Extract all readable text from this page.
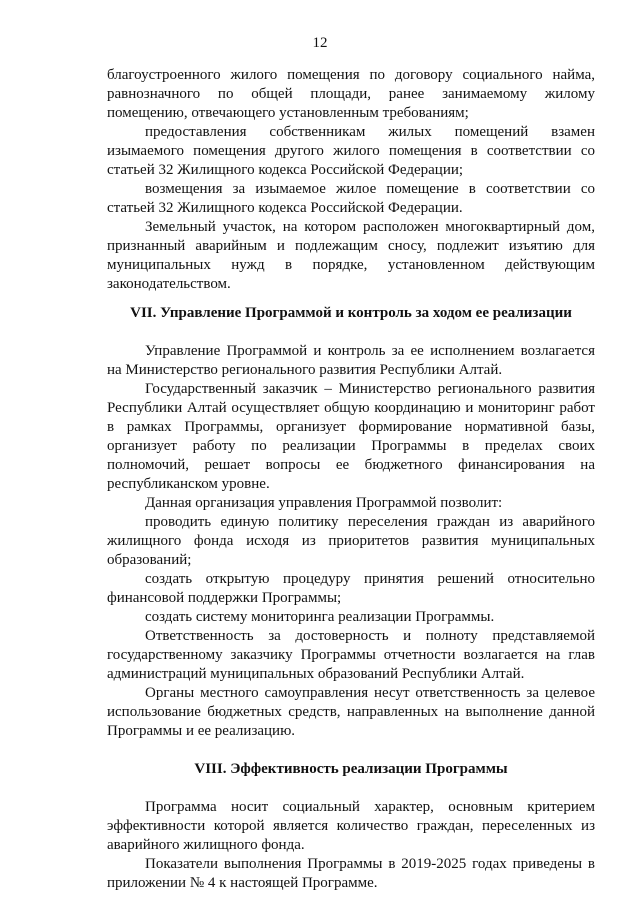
12
благоустроенного жилого помещения по договору социального найма,
равнозначного по общей площади, ранее занимаемому жилому
помещению, отвечающего установленным требованиям;
предоставления собственникам жилых помещений взамен
изымаемого помещения другого жилого помещения в соответствии со
статьей 32 Жилищного кодекса Российской Федерации;
возмещения за изымаемое жилое помещение в соответствии со
статьей 32 Жилищного кодекса Российской Федерации.
Земельный участок, на котором расположен многоквартирный дом,
признанный аварийным и подлежащим сносу, подлежит изъятию для
муниципальных нужд в порядке, установленном действующим
законодательством.
VII. Управление Программой и контроль за ходом ее реализации
Управление Программой и контроль за ее исполнением возлагается
на Министерство регионального развития Республики Алтай.
Государственный заказчик – Министерство регионального развития
Республики Алтай осуществляет общую координацию и мониторинг работ
в рамках Программы, организует формирование нормативной базы,
организует работу по реализации Программы в пределах своих
полномочий, решает вопросы ее бюджетного финансирования на
республиканском уровне.
Данная организация управления Программой позволит:
проводить единую политику переселения граждан из аварийного
жилищного фонда исходя из приоритетов развития муниципальных
образований;
создать открытую процедуру принятия решений относительно
финансовой поддержки Программы;
создать систему мониторинга реализации Программы.
Ответственность за достоверность и полноту представляемой
государственному заказчику Программы отчетности возлагается на глав
администраций муниципальных образований Республики Алтай.
Органы местного самоуправления несут ответственность за целевое
использование бюджетных средств, направленных на выполнение данной
Программы и ее реализацию.
VIII. Эффективность реализации Программы
Программа носит социальный характер, основным критерием
эффективности которой является количество граждан, переселенных из
аварийного жилищного фонда.
Показатели выполнения Программы в 2019-2025 годах приведены в
приложении № 4 к настоящей Программе.
